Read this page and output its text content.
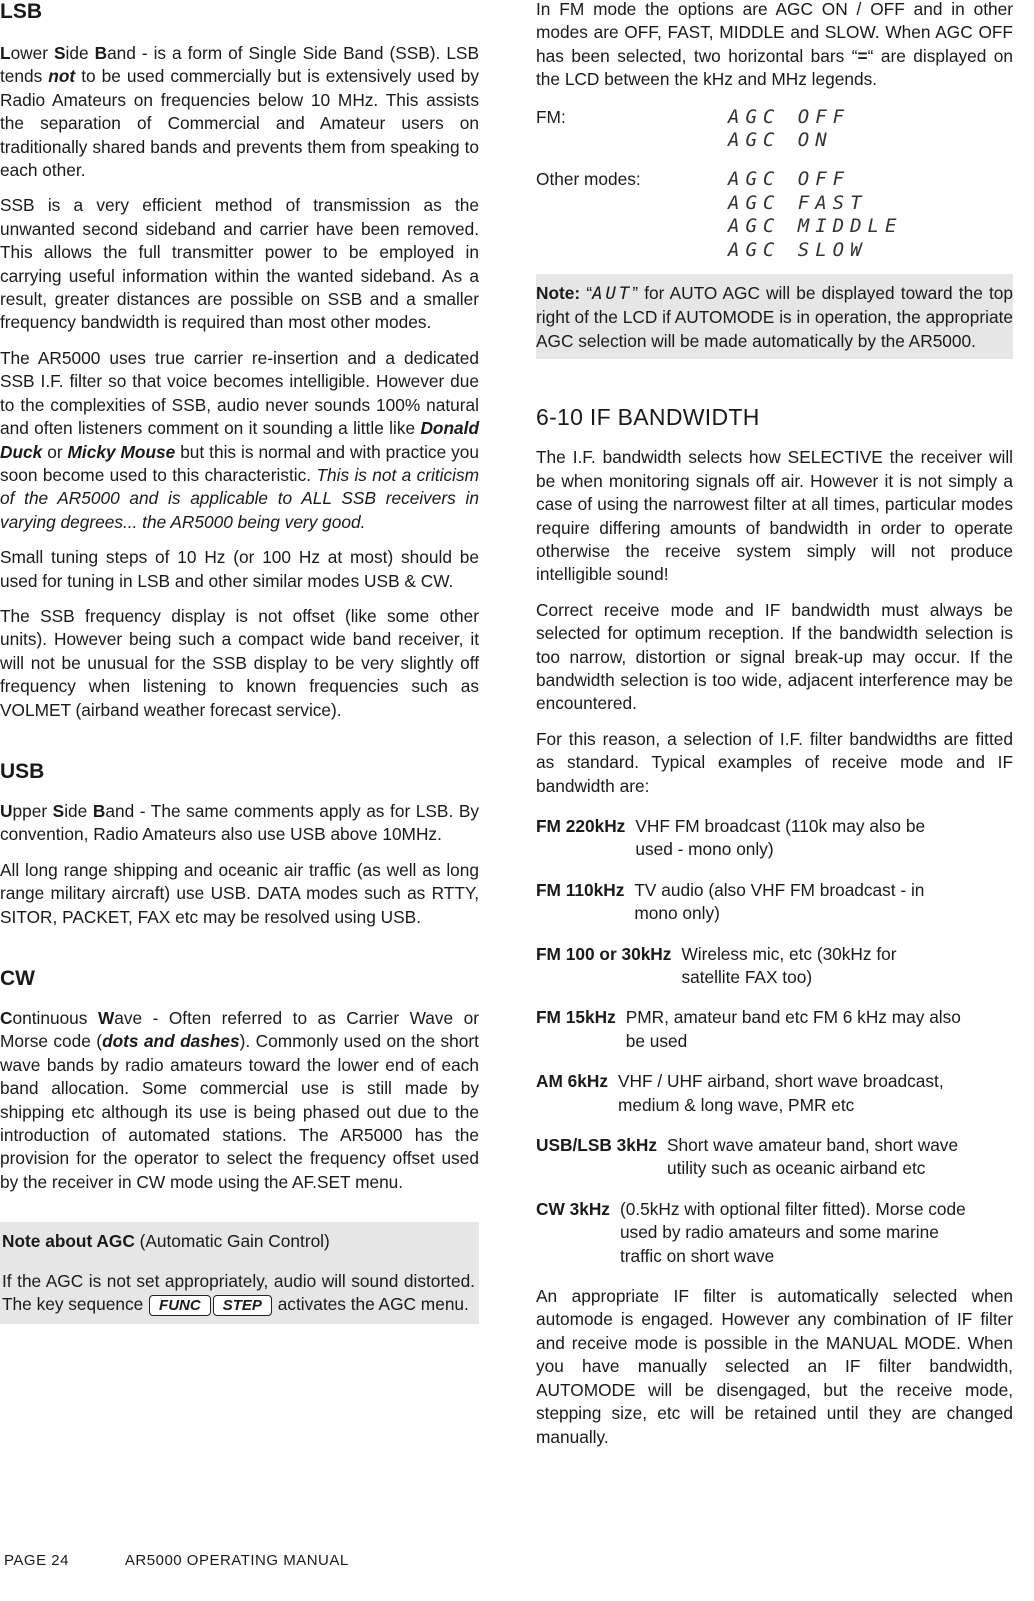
LSB

Lower Side Band - is a form of Single Side Band (SSB). LSB tends not to be used commercially but is extensively used by Radio Amateurs on frequencies below 10 MHz. This assists the separation of Commercial and Amateur users on traditionally shared bands and prevents them from speaking to each other.

SSB is a very efficient method of transmission as the unwanted second sideband and carrier have been removed. This allows the full transmitter power to be employed in carrying useful information within the wanted sideband. As a result, greater distances are possible on SSB and a smaller frequency bandwidth is required than most other modes.

The AR5000 uses true carrier re-insertion and a dedicated SSB I.F. filter so that voice becomes intelligible. However due to the complexities of SSB, audio never sounds 100% natural and often listeners comment on it sounding a little like Donald Duck or Micky Mouse but this is normal and with practice you soon become used to this characteristic. This is not a criticism of the AR5000 and is applicable to ALL SSB receivers in varying degrees... the AR5000 being very good.

Small tuning steps of 10 Hz (or 100 Hz at most) should be used for tuning in LSB and other similar modes USB & CW.

The SSB frequency display is not offset (like some other units). However being such a compact wide band receiver, it will not be unusual for the SSB display to be very slightly off frequency when listening to known frequencies such as VOLMET (airband weather forecast service).

USB

Upper Side Band - The same comments apply as for LSB. By convention, Radio Amateurs also use USB above 10MHz.

All long range shipping and oceanic air traffic (as well as long range military aircraft) use USB. DATA modes such as RTTY, SITOR, PACKET, FAX etc may be resolved using USB.

CW

Continuous Wave - Often referred to as Carrier Wave or Morse code (dots and dashes). Commonly used on the short wave bands by radio amateurs toward the lower end of each band allocation. Some commercial use is still made by shipping etc although its use is being phased out due to the introduction of automated stations. The AR5000 has the provision for the operator to select the frequency offset used by the receiver in CW mode using the AF.SET menu.

Note about AGC (Automatic Gain Control)

If the AGC is not set appropriately, audio will sound distorted. The key sequence FUNC STEP activates the AGC menu.

In FM mode the options are AGC ON / OFF and in other modes are OFF, FAST, MIDDLE and SLOW. When AGC OFF has been selected, two horizontal bars “=“ are displayed on the LCD between the kHz and MHz legends.

FM:	AGC OFF
AGC ON
Other modes:	AGC OFF
AGC FAST
AGC MIDDLE
AGC SLOW

Note: “AUT” for AUTO AGC will be displayed toward the top right of the LCD if AUTOMODE is in operation, the appropriate AGC selection will be made automatically by the AR5000.

6-10 IF BANDWIDTH

The I.F. bandwidth selects how SELECTIVE the receiver will be when monitoring signals off air. However it is not simply a case of using the narrowest filter at all times, particular modes require differing amounts of bandwidth in order to operate otherwise the receive system simply will not produce intelligible sound!

Correct receive mode and IF bandwidth must always be selected for optimum reception. If the bandwidth selection is too narrow, distortion or signal break-up may occur. If the bandwidth selection is too wide, adjacent interference may be encountered.

For this reason, a selection of I.F. filter bandwidths are fitted as standard. Typical examples of receive mode and IF bandwidth are:

FM 220kHz VHF FM broadcast (110k may also be used - mono only)
FM 110kHz TV audio (also VHF FM broadcast - in mono only)
FM 100 or 30kHz Wireless mic, etc (30kHz for satellite FAX too)
FM 15kHz PMR, amateur band etc FM 6 kHz may also be used
AM 6kHz VHF / UHF airband, short wave broadcast, medium & long wave, PMR etc
USB/LSB 3kHz Short wave amateur band, short wave utility such as oceanic airband etc
CW 3kHz (0.5kHz with optional filter fitted). Morse code used by radio amateurs and some marine traffic on short wave

An appropriate IF filter is automatically selected when automode is engaged. However any combination of IF filter and receive mode is possible in the MANUAL MODE. When you have manually selected an IF filter bandwidth, AUTOMODE will be disengaged, but the receive mode, stepping size, etc will be retained until they are changed manually.

PAGE 24	AR5000 OPERATING MANUAL
